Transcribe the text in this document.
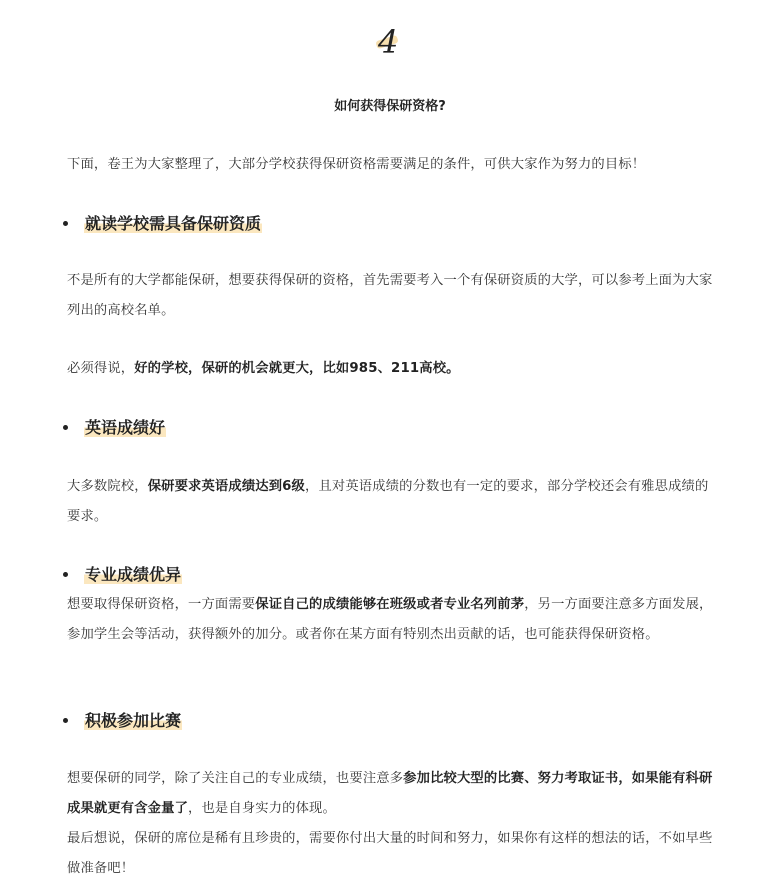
4
如何获得保研资格?
下面，卷王为大家整理了，大部分学校获得保研资格需要满足的条件，可供大家作为努力的目标！
就读学校需具备保研资质
不是所有的大学都能保研，想要获得保研的资格，首先需要考入一个有保研资质的大学，可以参考上面为大家列出的高校名单。
必须得说，好的学校，保研的机会就更大，比如985、211高校。
英语成绩好
大多数院校，保研要求英语成绩达到6级，且对英语成绩的分数也有一定的要求，部分学校还会有雅思成绩的要求。
专业成绩优异
想要取得保研资格，一方面需要保证自己的成绩能够在班级或者专业名列前茅，另一方面要注意多方面发展，参加学生会等活动，获得额外的加分。或者你在某方面有特别杰出贡献的话，也可能获得保研资格。
积极参加比赛
想要保研的同学，除了关注自己的专业成绩，也要注意多参加比较大型的比赛、努力考取证书，如果能有科研成果就更有含金量了，也是自身实力的体现。
最后想说，保研的席位是稀有且珍贵的，需要你付出大量的时间和努力，如果你有这样的想法的话，不如早些做准备吧！
